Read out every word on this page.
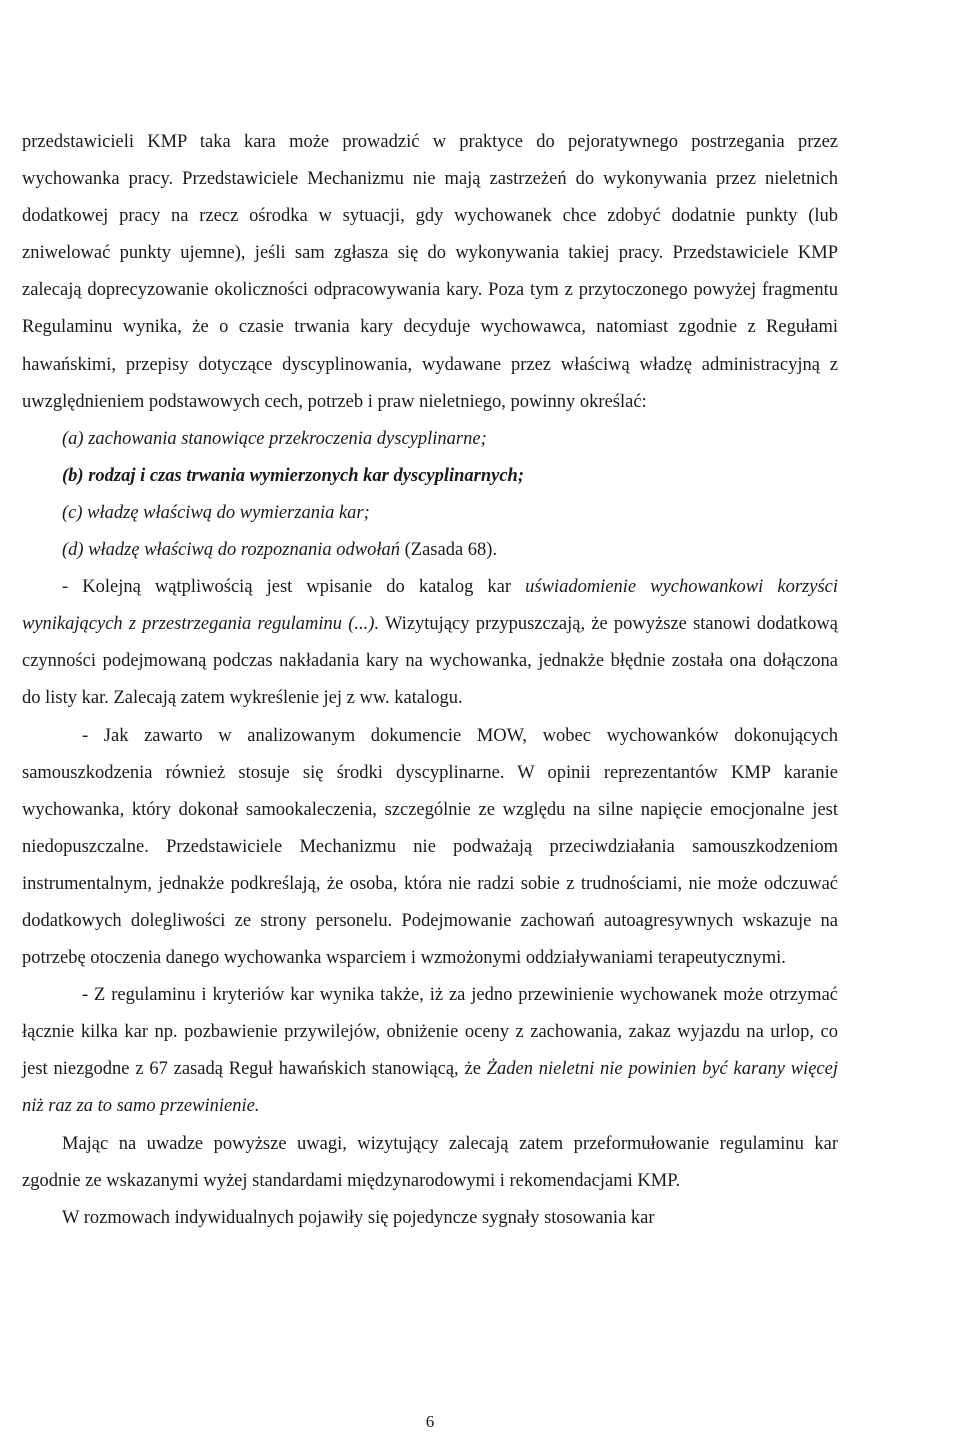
przedstawicieli KMP taka kara może prowadzić w praktyce do pejoratywnego postrzegania przez wychowanka pracy. Przedstawiciele Mechanizmu nie mają zastrzeżeń do wykonywania przez nieletnich dodatkowej pracy na rzecz ośrodka w sytuacji, gdy wychowanek chce zdobyć dodatnie punkty (lub zniwelować punkty ujemne), jeśli sam zgłasza się do wykonywania takiej pracy. Przedstawiciele KMP zalecają doprecyzowanie okoliczności odpracowywania kary. Poza tym z przytoczonego powyżej fragmentu Regulaminu wynika, że o czasie trwania kary decyduje wychowawca, natomiast zgodnie z Regułami hawańskimi, przepisy dotyczące dyscyplinowania, wydawane przez właściwą władzę administracyjną z uwzględnieniem podstawowych cech, potrzeb i praw nieletniego, powinny określać:

(a) zachowania stanowiące przekroczenia dyscyplinarne;

(b) rodzaj i czas trwania wymierzonych kar dyscyplinarnych;

(c) władzę właściwą do wymierzania kar;

(d) władzę właściwą do rozpoznania odwołań (Zasada 68).

- Kolejną wątpliwością jest wpisanie do katalog kar uświadomienie wychowankowi korzyści wynikających z przestrzegania regulaminu (...). Wizytujący przypuszczają, że powyższe stanowi dodatkową czynności podejmowaną podczas nakładania kary na wychowanka, jednakże błędnie została ona dołączona do listy kar. Zalecają zatem wykreślenie jej z ww. katalogu.

- Jak zawarto w analizowanym dokumencie MOW, wobec wychowanków dokonujących samouszkodzenia również stosuje się środki dyscyplinarne. W opinii reprezentantów KMP karanie wychowanka, który dokonał samookaleczenia, szczególnie ze względu na silne napięcie emocjonalne jest niedopuszczalne. Przedstawiciele Mechanizmu nie podważają przeciwdziałania samouszkodzeniom instrumentalnym, jednakże podkreślają, że osoba, która nie radzi sobie z trudnościami, nie może odczuwać dodatkowych dolegliwości ze strony personelu. Podejmowanie zachowań autoagresywnych wskazuje na potrzebę otoczenia danego wychowanka wsparciem i wzmożonymi oddziaływaniami terapeutycznymi.

- Z regulaminu i kryteriów kar wynika także, iż za jedno przewinienie wychowanek może otrzymać łącznie kilka kar np. pozbawienie przywilejów, obniżenie oceny z zachowania, zakaz wyjazdu na urlop, co jest niezgodne z 67 zasadą Reguł hawańskich stanowiącą, że Żaden nieletni nie powinien być karany więcej niż raz za to samo przewinienie.

Mając na uwadze powyższe uwagi, wizytujący zalecają zatem przeformułowanie regulaminu kar zgodnie ze wskazanymi wyżej standardami międzynarodowymi i rekomendacjami KMP.

W rozmowach indywidualnych pojawiły się pojedyncze sygnały stosowania kar

6
